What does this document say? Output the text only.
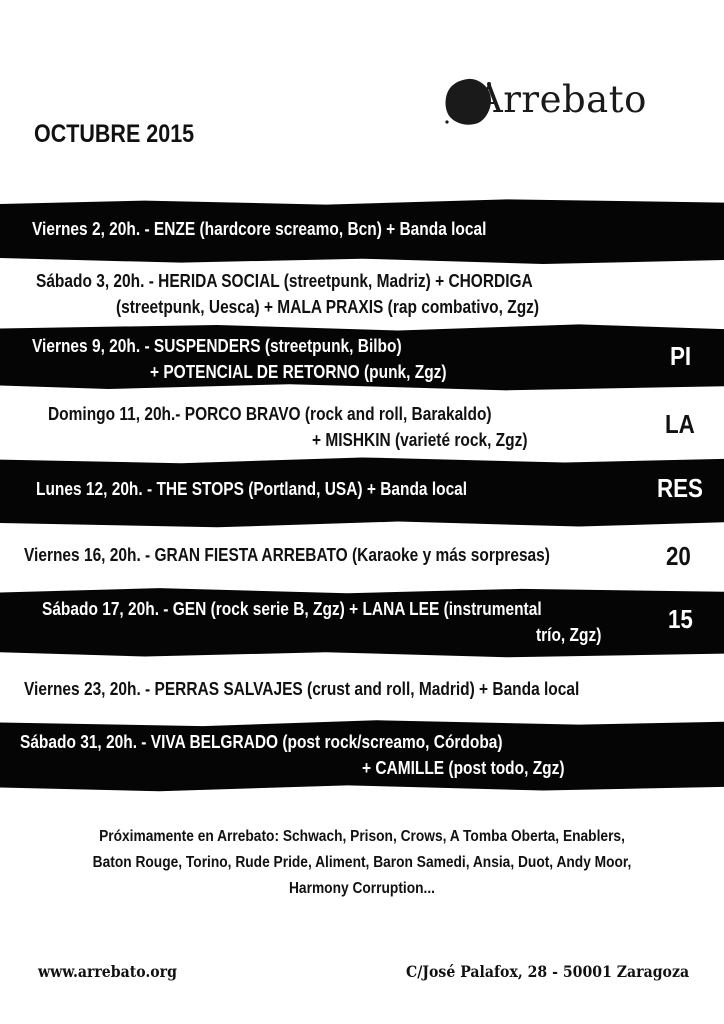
Arrebato
OCTUBRE 2015
Viernes 2, 20h. - ENZE (hardcore screamo, Bcn) + Banda local
Sábado 3, 20h. - HERIDA SOCIAL (streetpunk, Madriz) + CHORDIGA
(streetpunk, Uesca) + MALA PRAXIS (rap combativo, Zgz)
Viernes 9, 20h. - SUSPENDERS (streetpunk, Bilbo)
+ POTENCIAL DE RETORNO (punk, Zgz)
Domingo 11, 20h.- PORCO BRAVO (rock and roll, Barakaldo)
+ MISHKIN (varieté rock, Zgz)
Lunes 12, 20h. - THE STOPS (Portland, USA) + Banda local
Viernes 16, 20h. - GRAN FIESTA ARREBATO (Karaoke y más sorpresas)
Sábado 17, 20h. - GEN (rock serie B, Zgz) + LANA LEE (instrumental
trío, Zgz)
Viernes 23, 20h. - PERRAS SALVAJES (crust and roll, Madrid) + Banda local
Sábado 31, 20h. - VIVA BELGRADO (post rock/screamo, Córdoba)
+ CAMILLE (post todo, Zgz)
PI
LA
RES
20
15
Próximamente en Arrebato: Schwach, Prison, Crows, A Tomba Oberta, Enablers,
Baton Rouge, Torino, Rude Pride, Aliment, Baron Samedi, Ansia, Duot, Andy Moor,
Harmony Corruption...
www.arrebato.org	C/José Palafox, 28 - 50001 Zaragoza
